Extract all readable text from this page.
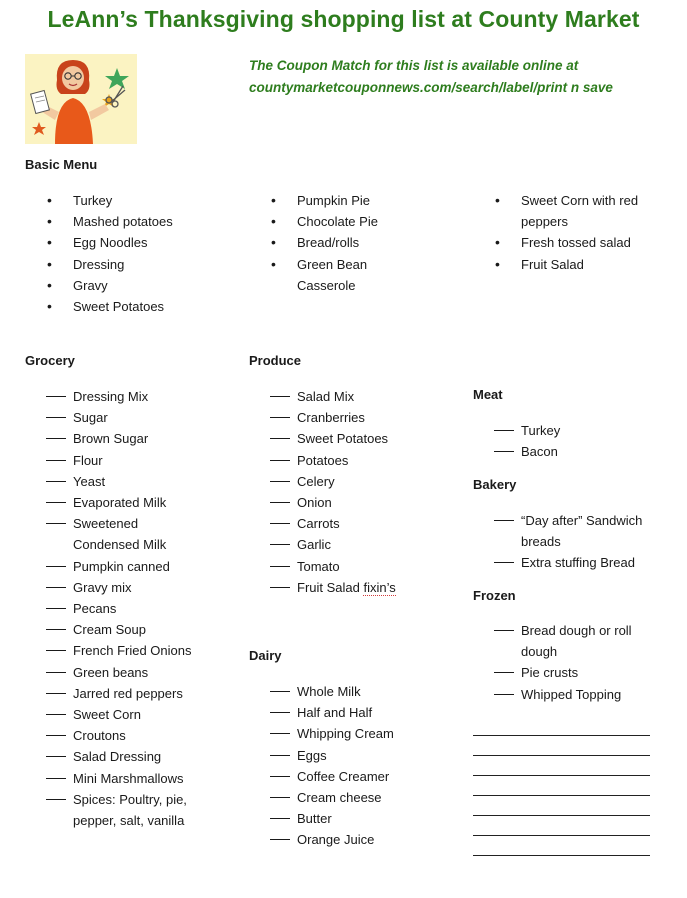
LeAnn’s Thanksgiving shopping list at County Market
The Coupon Match for this list is available online at
countymarketcouponnews.com/search/label/print n save
Basic Menu
• Turkey
• Mashed potatoes
• Egg Noodles
• Dressing
• Gravy
• Sweet Potatoes
• Pumpkin Pie
• Chocolate Pie
• Bread/rolls
• Green Bean
Casserole
• Sweet Corn with red
peppers
• Fresh tossed salad
• Fruit Salad
Grocery
Dressing Mix
Sugar
Brown Sugar
Flour
Yeast
Evaporated Milk
Sweetened
Condensed Milk
Pumpkin canned
Gravy mix
Pecans
Cream Soup
French Fried Onions
Green beans
Jarred red peppers
Sweet Corn
Croutons
Salad Dressing
Mini Marshmallows
Spices: Poultry, pie,
pepper, salt, vanilla
Produce
Salad Mix
Cranberries
Sweet Potatoes
Potatoes
Celery
Onion
Carrots
Garlic
Tomato
Fruit Salad fixin’s
Dairy
Whole Milk
Half and Half
Whipping Cream
Eggs
Coffee Creamer
Cream cheese
Butter
Orange Juice
Meat
Turkey
Bacon
Bakery
“Day after” Sandwich
breads
Extra stuffing Bread
Frozen
Bread dough or roll
dough
Pie crusts
Whipped Topping
